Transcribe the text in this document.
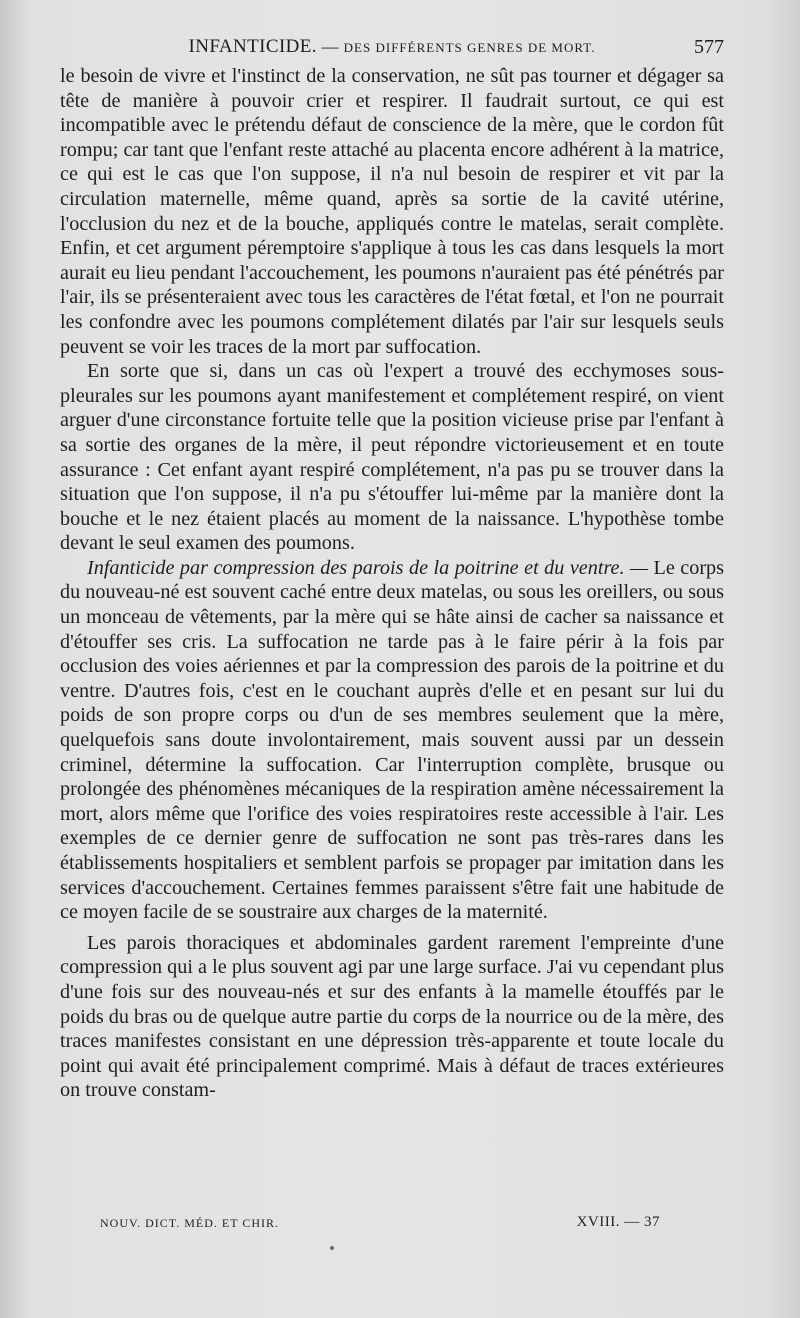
INFANTICIDE. — DES DIFFÉRENTS GENRES DE MORT.	577

le besoin de vivre et l'instinct de la conservation, ne sût pas tourner et dégager sa tête de manière à pouvoir crier et respirer. Il faudrait surtout, ce qui est incompatible avec le prétendu défaut de conscience de la mère, que le cordon fût rompu; car tant que l'enfant reste attaché au placenta encore adhérent à la matrice, ce qui est le cas que l'on suppose, il n'a nul besoin de respirer et vit par la circulation maternelle, même quand, après sa sortie de la cavité utérine, l'occlusion du nez et de la bouche, appliqués contre le matelas, serait complète. Enfin, et cet argument péremptoire s'applique à tous les cas dans lesquels la mort aurait eu lieu pendant l'accouchement, les poumons n'auraient pas été pénétrés par l'air, ils se présenteraient avec tous les caractères de l'état fœtal, et l'on ne pourrait les confondre avec les poumons complétement dilatés par l'air sur lesquels seuls peuvent se voir les traces de la mort par suffocation.

En sorte que si, dans un cas où l'expert a trouvé des ecchymoses sous-pleurales sur les poumons ayant manifestement et complétement respiré, on vient arguer d'une circonstance fortuite telle que la position vicieuse prise par l'enfant à sa sortie des organes de la mère, il peut répondre victorieusement et en toute assurance : Cet enfant ayant respiré complétement, n'a pas pu se trouver dans la situation que l'on suppose, il n'a pu s'étouffer lui-même par la manière dont la bouche et le nez étaient placés au moment de la naissance. L'hypothèse tombe devant le seul examen des poumons.

Infanticide par compression des parois de la poitrine et du ventre. — Le corps du nouveau-né est souvent caché entre deux matelas, ou sous les oreillers, ou sous un monceau de vêtements, par la mère qui se hâte ainsi de cacher sa naissance et d'étouffer ses cris. La suffocation ne tarde pas à le faire périr à la fois par occlusion des voies aériennes et par la compression des parois de la poitrine et du ventre. D'autres fois, c'est en le couchant auprès d'elle et en pesant sur lui du poids de son propre corps ou d'un de ses membres seulement que la mère, quelquefois sans doute involontairement, mais souvent aussi par un dessein criminel, détermine la suffocation. Car l'interruption complète, brusque ou prolongée des phénomènes mécaniques de la respiration amène nécessairement la mort, alors même que l'orifice des voies respiratoires reste accessible à l'air. Les exemples de ce dernier genre de suffocation ne sont pas très-rares dans les établissements hospitaliers et semblent parfois se propager par imitation dans les services d'accouchement. Certaines femmes paraissent s'être fait une habitude de ce moyen facile de se soustraire aux charges de la maternité.

Les parois thoraciques et abdominales gardent rarement l'empreinte d'une compression qui a le plus souvent agi par une large surface. J'ai vu cependant plus d'une fois sur des nouveau-nés et sur des enfants à la mamelle étouffés par le poids du bras ou de quelque autre partie du corps de la nourrice ou de la mère, des traces manifestes consistant en une dépression très-apparente et toute locale du point qui avait été principalement comprimé. Mais à défaut de traces extérieures on trouve constam-

NOUV. DICT. MÉD. ET CHIR.	XVIII. — 37
